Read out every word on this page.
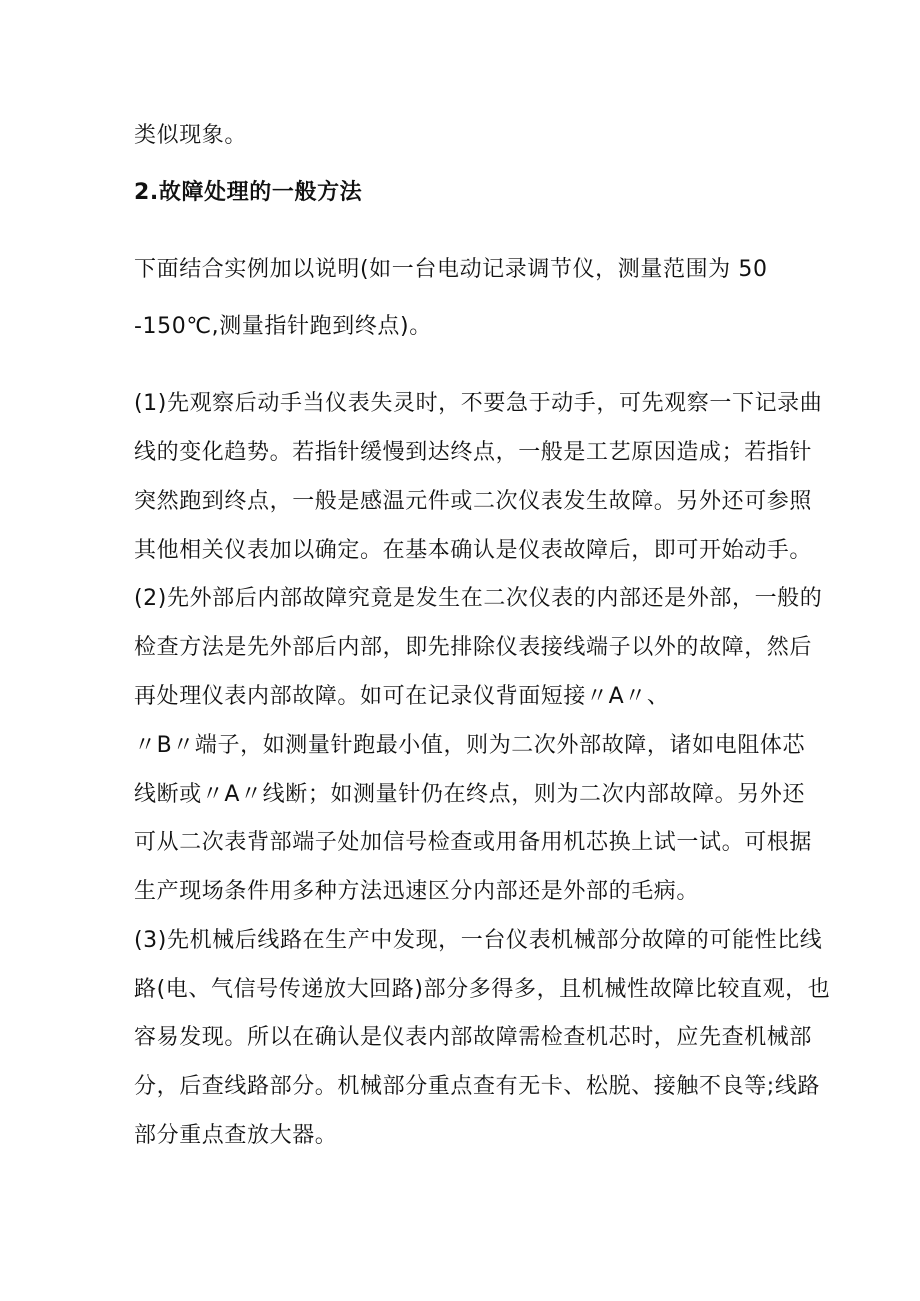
类似现象。
2.故障处理的一般方法
下面结合实例加以说明(如一台电动记录调节仪，测量范围为 50
-150℃,测量指针跑到终点)。
(1)先观察后动手当仪表失灵时，不要急于动手，可先观察一下记录曲
线的变化趋势。若指针缓慢到达终点，一般是工艺原因造成；若指针
突然跑到终点，一般是感温元件或二次仪表发生故障。另外还可参照
其他相关仪表加以确定。在基本确认是仪表故障后，即可开始动手。
(2)先外部后内部故障究竟是发生在二次仪表的内部还是外部，一般的
检查方法是先外部后内部，即先排除仪表接线端子以外的故障，然后
再处理仪表内部故障。如可在记录仪背面短接〃A〃、
〃B〃端子，如测量针跑最小值，则为二次外部故障，诸如电阻体芯
线断或〃A〃线断；如测量针仍在终点，则为二次内部故障。另外还
可从二次表背部端子处加信号检查或用备用机芯换上试一试。可根据
生产现场条件用多种方法迅速区分内部还是外部的毛病。
(3)先机械后线路在生产中发现，一台仪表机械部分故障的可能性比线
路(电、气信号传递放大回路)部分多得多，且机械性故障比较直观，也
容易发现。所以在确认是仪表内部故障需检查机芯时，应先查机械部
分，后查线路部分。机械部分重点查有无卡、松脱、接触不良等;线路
部分重点查放大器。
